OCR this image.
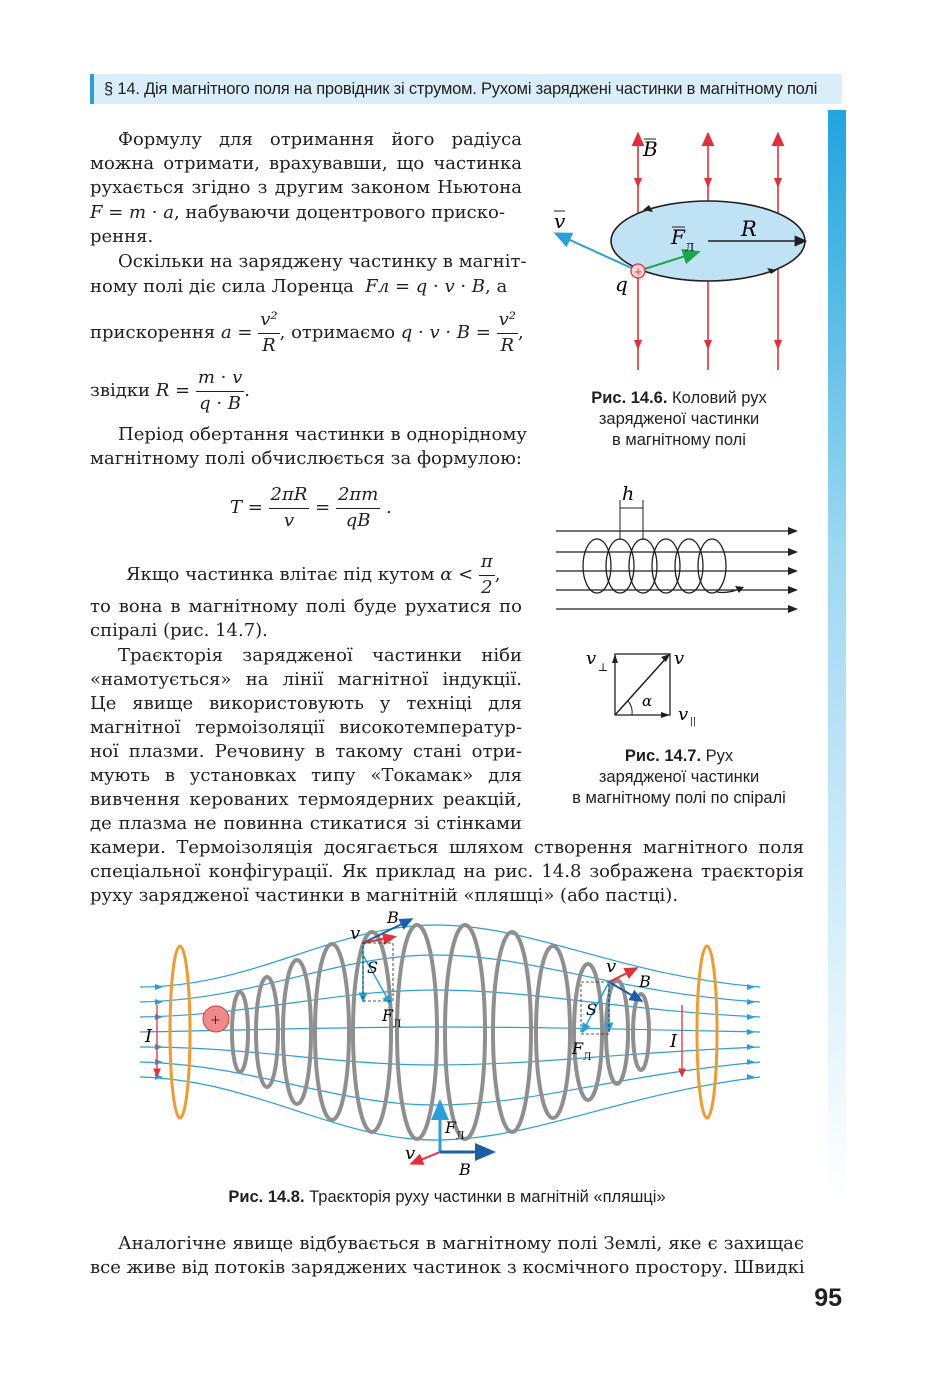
§ 14. Дія магнітного поля на провідник зі струмом. Рухомі заряджені частинки в магнітному полі
Формулу для отримання його радіуса
можна отримати, врахувавши, що частинка
рухається згідно з другим законом Ньютона
F = m · a, набуваючи доцентрового приско-
рення.
Оскільки на заряджену частинку в магніт-
ному полі діє сила Лоренца Fл = q · v · B, а
прискорення $a = \frac{\text{v²}}{R}$ , отримаємо $q \cdot v \cdot B = \frac{\text{v²}}{R}$ ,
звідки $R = \frac{m \cdot v}{q \cdot B}$ .
Період обертання частинки в однорідному
магнітному полі обчислюється за формулою:
$T = \frac{2\pi R}{v} = \frac{2\pi m}{qB}$ .
Якщо частинка влітає під кутом $\alpha < \frac{\pi}{2}$ ,
то вона в магнітному полі буде рухатися по
спіралі (рис. 14.7).
Траєкторія зарядженої частинки ніби
«намотується» на лінії магнітної індукції.
Це явище використовують у техніці для
магнітної термоізоляції високотемператур-
ної плазми. Речовину в такому стані отри-
мують в установках типу «Токамак» для
вивчення керованих термоядерних реакцій,
де плазма не повинна стикатися зі стінками
камери. Термоізоляція досягається шляхом створення магнітного поля
спеціальної конфігурації. Як приклад на рис. 14.8 зображена траєкторія
руху зарядженої частинки в магнітній «пляшці» (або пастці).
+
B
v
F Л
R
q
Рис. 14.6. Коловий рух
зарядженої частинки
в магнітному полі
h
v ⊥	v
α
v ||
Рис. 14.7. Рух
зарядженої частинки
в магнітному полі по спіралі
+
I	I
v
B
S
F Л
v
B
S
F Л
F Л
v
B
Рис. 14.8. Траєкторія руху частинки в магнітній «пляшці»
Аналогічне явище відбувається в магнітному полі Землі, яке є захищає
все живе від потоків заряджених частинок з космічного простору. Швидкі
95
